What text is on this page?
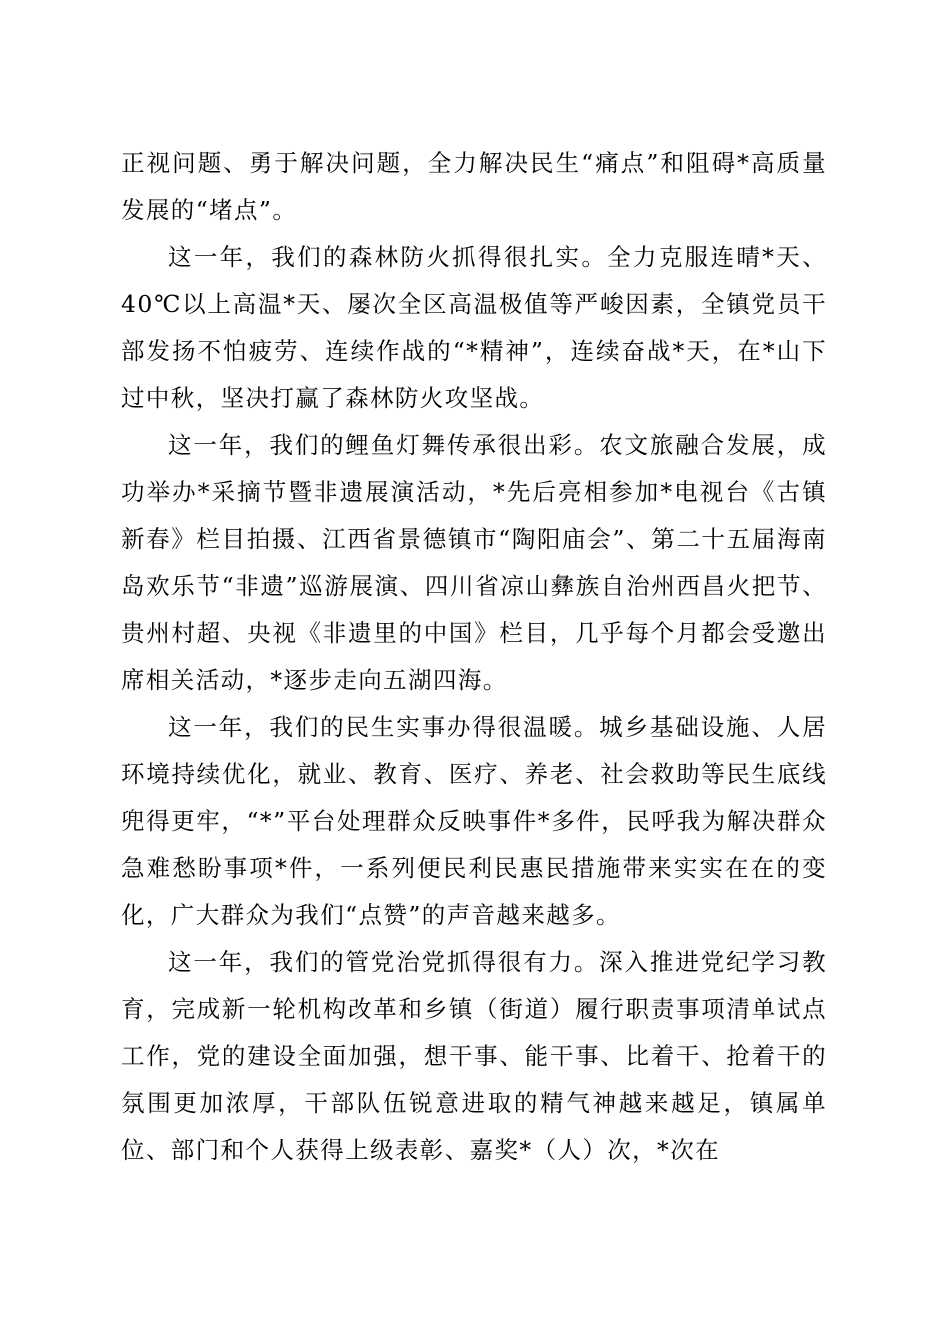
正视问题、勇于解决问题，全力解决民生“痛点”和阻碍*高质量发展的“堵点”。

这一年，我们的森林防火抓得很扎实。全力克服连晴*天、40℃以上高温*天、屡次全区高温极值等严峻因素，全镇党员干部发扬不怕疲劳、连续作战的“*精神”，连续奋战*天，在*山下过中秋，坚决打赢了森林防火攻坚战。

这一年，我们的鲤鱼灯舞传承很出彩。农文旅融合发展，成功举办*采摘节暨非遗展演活动，*先后亮相参加*电视台《古镇新春》栏目拍摄、江西省景德镇市“陶阳庙会”、第二十五届海南岛欢乐节“非遗”巡游展演、四川省凉山彝族自治州西昌火把节、贵州村超、央视《非遗里的中国》栏目，几乎每个月都会受邀出席相关活动，*逐步走向五湖四海。

这一年，我们的民生实事办得很温暖。城乡基础设施、人居环境持续优化，就业、教育、医疗、养老、社会救助等民生底线兜得更牢，“*”平台处理群众反映事件*多件，民呼我为解决群众急难愁盼事项*件，一系列便民利民惠民措施带来实实在在的变化，广大群众为我们“点赞”的声音越来越多。

这一年，我们的管党治党抓得很有力。深入推进党纪学习教育，完成新一轮机构改革和乡镇（街道）履行职责事项清单试点工作，党的建设全面加强，想干事、能干事、比着干、抢着干的氛围更加浓厚，干部队伍锐意进取的精气神越来越足，镇属单位、部门和个人获得上级表彰、嘉奖*（人）次，*次在
